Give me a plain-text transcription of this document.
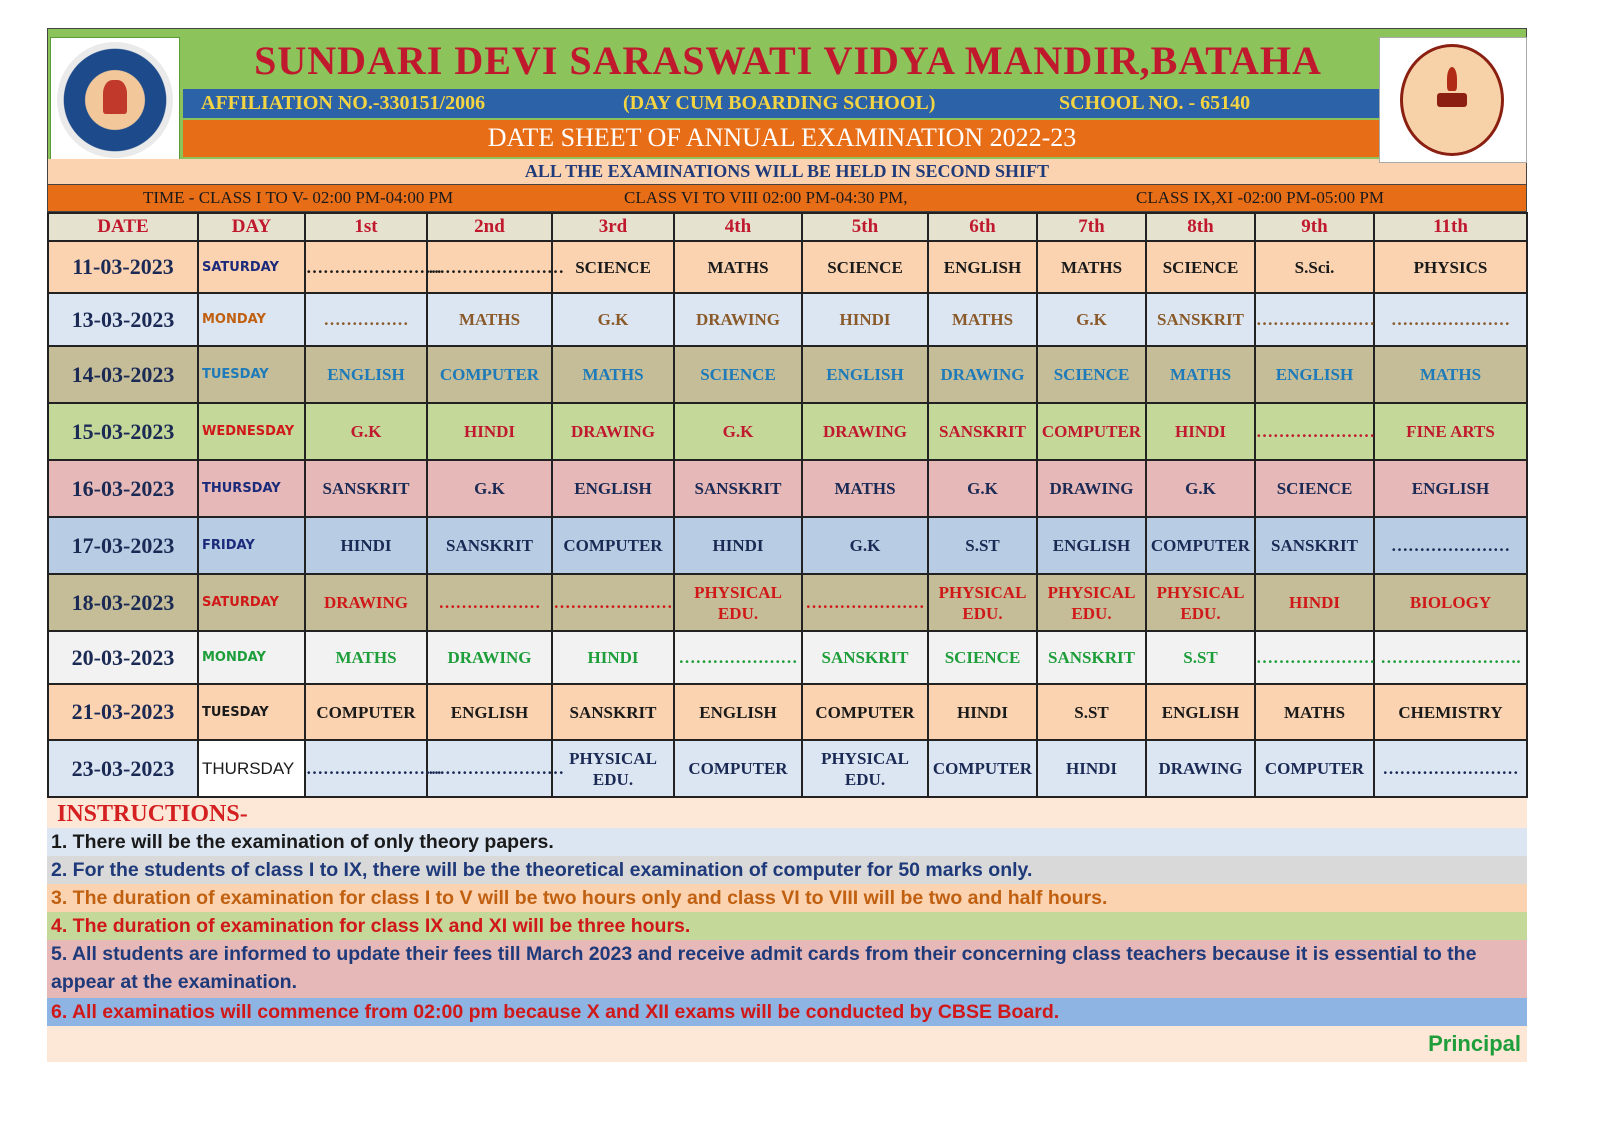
SUNDARI DEVI SARASWATI VIDYA MANDIR,BATAHA
AFFILIATION NO.-330151/2006	(DAY CUM BOARDING SCHOOL)	SCHOOL NO. - 65140
DATE SHEET OF ANNUAL EXAMINATION 2022-23
ALL THE EXAMINATIONS WILL BE HELD IN SECOND SHIFT
TIME - CLASS I TO V- 02:00 PM-04:00 PM	CLASS VI TO VIII 02:00 PM-04:30 PM,	CLASS IX,XI -02:00 PM-05:00 PM
DATE	DAY	1st	2nd	3rd	4th	5th	6th	7th	8th	9th	11th
11-03-2023	SATURDAY	……………………	……………………	SCIENCE	MATHS	SCIENCE	ENGLISH	MATHS	SCIENCE	S.Sci.	PHYSICS
13-03-2023	MONDAY	……………	MATHS	G.K	DRAWING	HINDI	MATHS	G.K	SANSKRIT	…………………	…………………
14-03-2023	TUESDAY	ENGLISH	COMPUTER	MATHS	SCIENCE	ENGLISH	DRAWING	SCIENCE	MATHS	ENGLISH	MATHS
15-03-2023	WEDNESDAY	G.K	HINDI	DRAWING	G.K	DRAWING	SANSKRIT	COMPUTER	HINDI	…………………	FINE ARTS
16-03-2023	THURSDAY	SANSKRIT	G.K	ENGLISH	SANSKRIT	MATHS	G.K	DRAWING	G.K	SCIENCE	ENGLISH
17-03-2023	FRIDAY	HINDI	SANSKRIT	COMPUTER	HINDI	G.K	S.ST	ENGLISH	COMPUTER	SANSKRIT	…………………
18-03-2023	SATURDAY	DRAWING	………………	…………………	PHYSICAL EDU.	…………………	PHYSICAL EDU.	PHYSICAL EDU.	PHYSICAL EDU.	HINDI	BIOLOGY
20-03-2023	MONDAY	MATHS	DRAWING	HINDI	…………………	SANSKRIT	SCIENCE	SANSKRIT	S.ST	…………………	…………………….
21-03-2023	TUESDAY	COMPUTER	ENGLISH	SANSKRIT	ENGLISH	COMPUTER	HINDI	S.ST	ENGLISH	MATHS	CHEMISTRY
23-03-2023	THURSDAY	……………………	……………………	PHYSICAL EDU.	COMPUTER	PHYSICAL EDU.	COMPUTER	HINDI	DRAWING	COMPUTER	……………………
INSTRUCTIONS-
1. There will be the examination of only theory papers.
2. For the students of class I to IX, there will be the theoretical examination of computer for 50 marks only.
3. The duration of examination for class I to V will be two hours only and class VI to VIII will be two and half hours.
4. The duration of examination for class IX and XI will be three hours.
5. All students are informed to update their fees till March 2023 and receive admit cards from their concerning class teachers because it is essential to the appear at the examination.
6. All examinatios will commence from 02:00 pm because X and XII exams will be conducted by CBSE Board.
Principal
